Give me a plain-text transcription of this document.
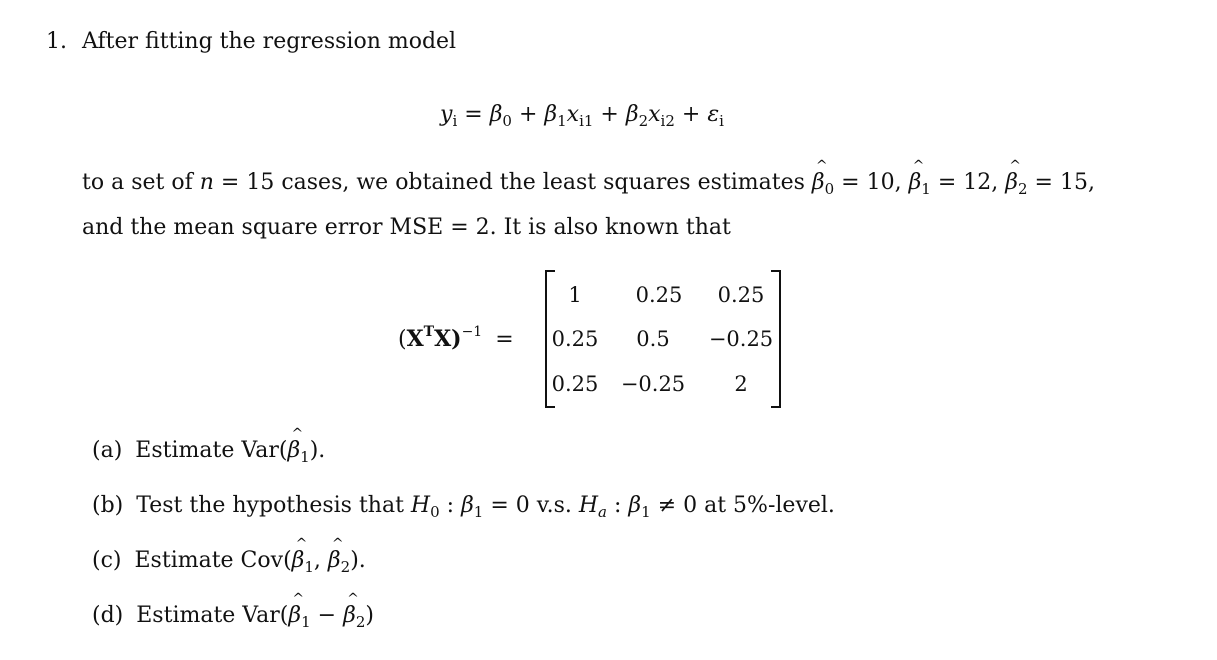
1. After fitting the regression model
$y_i = \beta_0 + \beta_1x_{i1} + \beta_2x_{i2} + \varepsilon_i$
to a set of n = 15 cases, we obtained the least squares estimates ^ $\beta_0 = 10$, ^ $\beta_1 = 12$, ^ $\beta_2 = 15$,
and the mean square error MSE = 2. It is also known that
$(X^TX)^{-1}$ =
1	0.25	0.25
0.25	0.5	−0.25
0.25	−0.25	2
(a) Estimate Var(^ $\beta_1$).
(b) Test the hypothesis that $H_0$ : $\beta_1 = 0$ v.s. $H_a$ : $\beta_1 \ne 0$ at 5%-level.
(c) Estimate Cov(^ $\beta_1$, ^ $\beta_2$).
(d) Estimate Var(^ $\beta_1$ − ^ $\beta_2$)
